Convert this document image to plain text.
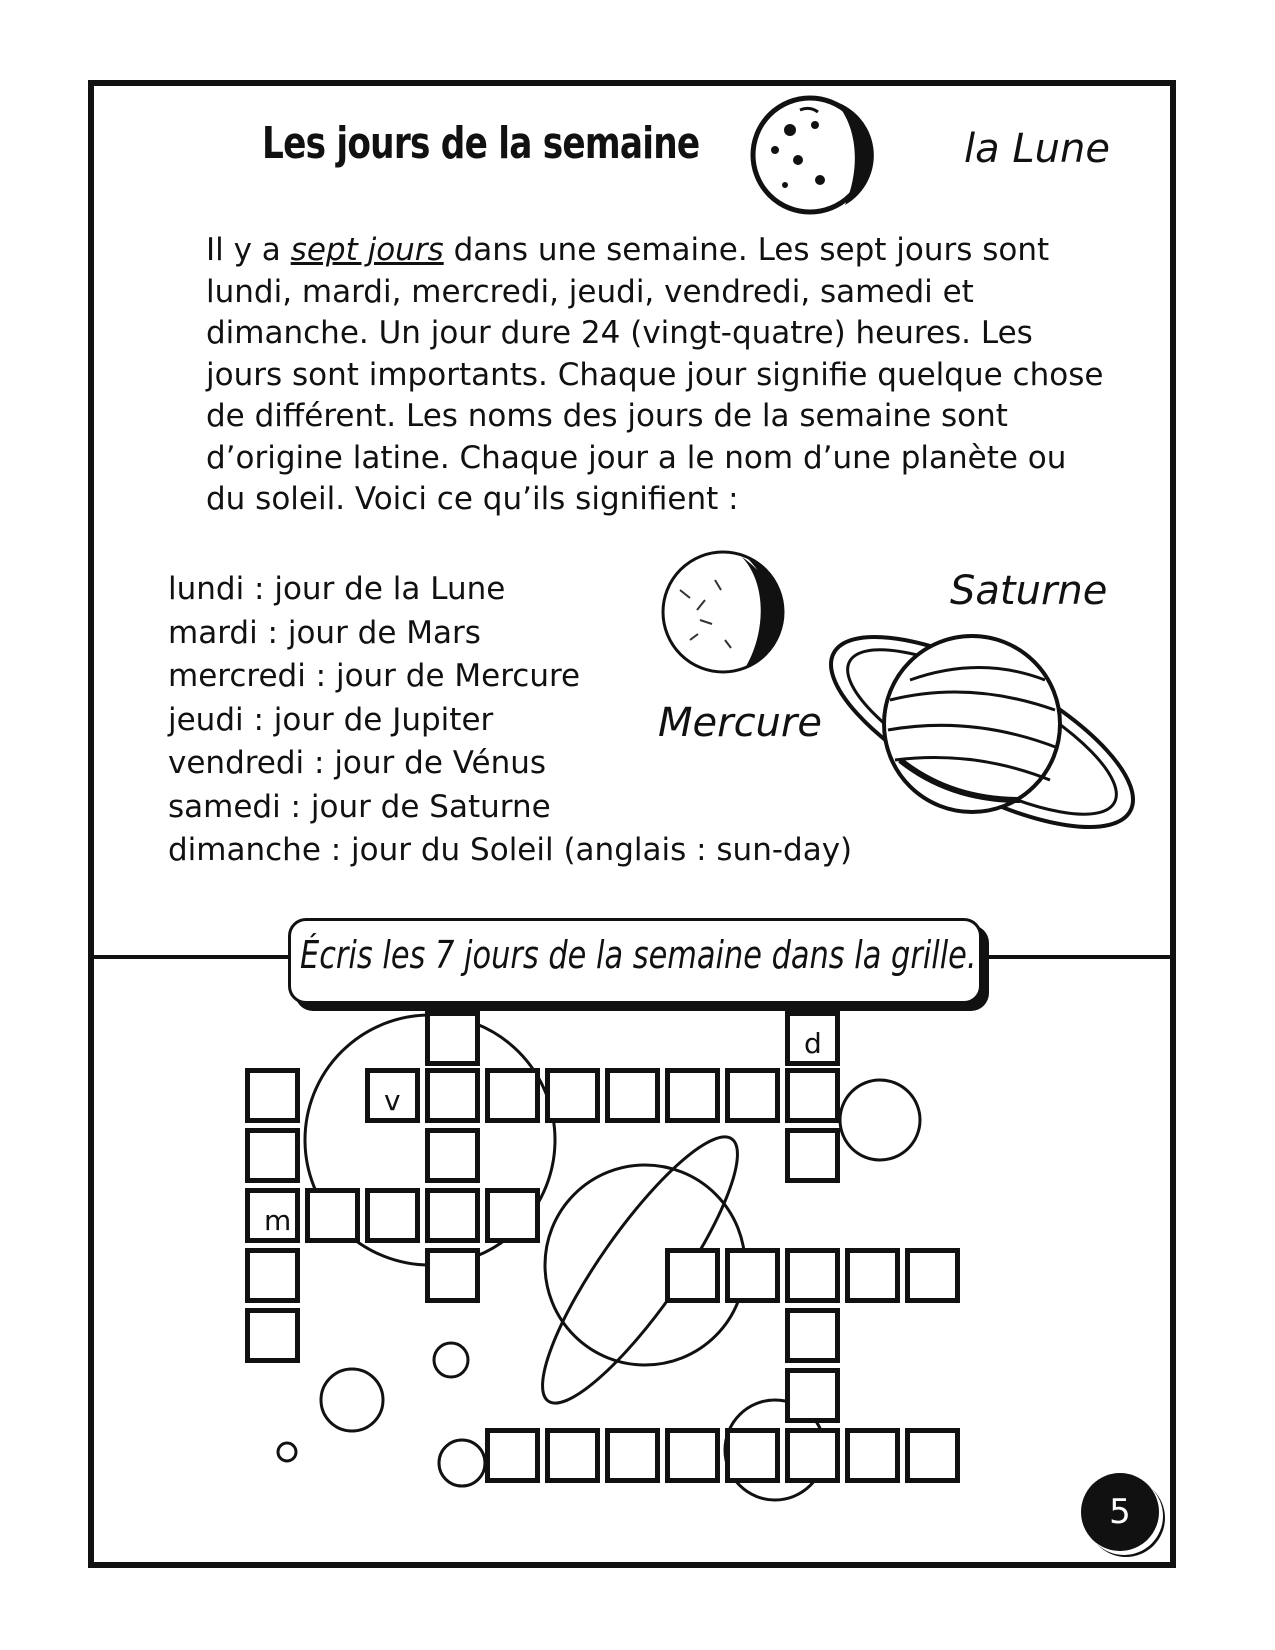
Les jours de la semaine	la Lune
Saturne
Mercure
Il y a sept jours dans une semaine. Les sept jours sont lundi, mardi, mercredi, jeudi, vendredi, samedi et dimanche. Un jour dure 24 (vingt-quatre) heures. Les jours sont importants. Chaque jour signifie quelque chose de différent. Les noms des jours de la semaine sont d’origine latine. Chaque jour a le nom d’une planète ou du soleil. Voici ce qu’ils signifient :
lundi : jour de la Lune
mardi : jour de Mars
mercredi : jour de Mercure
jeudi : jour de Jupiter
vendredi : jour de Vénus
samedi : jour de Saturne
dimanche : jour du Soleil (anglais : sun-day)
Écris les 7 jours de la semaine dans la grille.
m
v
d
5
